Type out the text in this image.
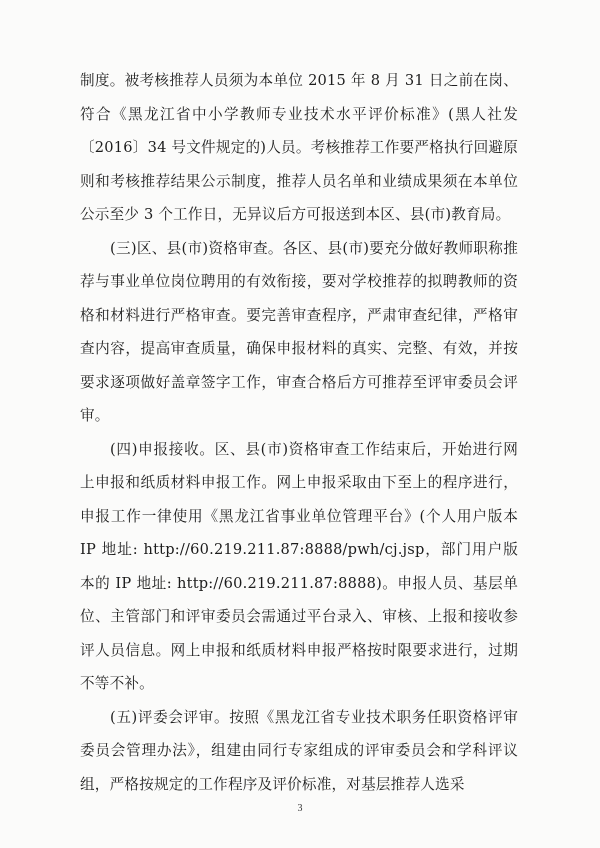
制度。被考核推荐人员须为本单位 2015 年 8 月 31 日之前在岗、符合《黑龙江省中小学教师专业技术水平评价标准》(黑人社发〔2016〕34 号文件规定的)人员。考核推荐工作要严格执行回避原则和考核推荐结果公示制度，推荐人员名单和业绩成果须在本单位公示至少 3 个工作日，无异议后方可报送到本区、县(市)教育局。

(三)区、县(市)资格审查。各区、县(市)要充分做好教师职称推荐与事业单位岗位聘用的有效衔接，要对学校推荐的拟聘教师的资格和材料进行严格审查。要完善审查程序，严肃审查纪律，严格审查内容，提高审查质量，确保申报材料的真实、完整、有效，并按要求逐项做好盖章签字工作，审查合格后方可推荐至评审委员会评审。

(四)申报接收。区、县(市)资格审查工作结束后，开始进行网上申报和纸质材料申报工作。网上申报采取由下至上的程序进行，申报工作一律使用《黑龙江省事业单位管理平台》(个人用户版本 IP 地址: http://60.219.211.87:8888/pwh/cj.jsp，部门用户版本的 IP 地址: http://60.219.211.87:8888)。申报人员、基层单位、主管部门和评审委员会需通过平台录入、审核、上报和接收参评人员信息。网上申报和纸质材料申报严格按时限要求进行，过期不等不补。

(五)评委会评审。按照《黑龙江省专业技术职务任职资格评审委员会管理办法》，组建由同行专家组成的评审委员会和学科评议组，严格按规定的工作程序及评价标准，对基层推荐人选采

3
